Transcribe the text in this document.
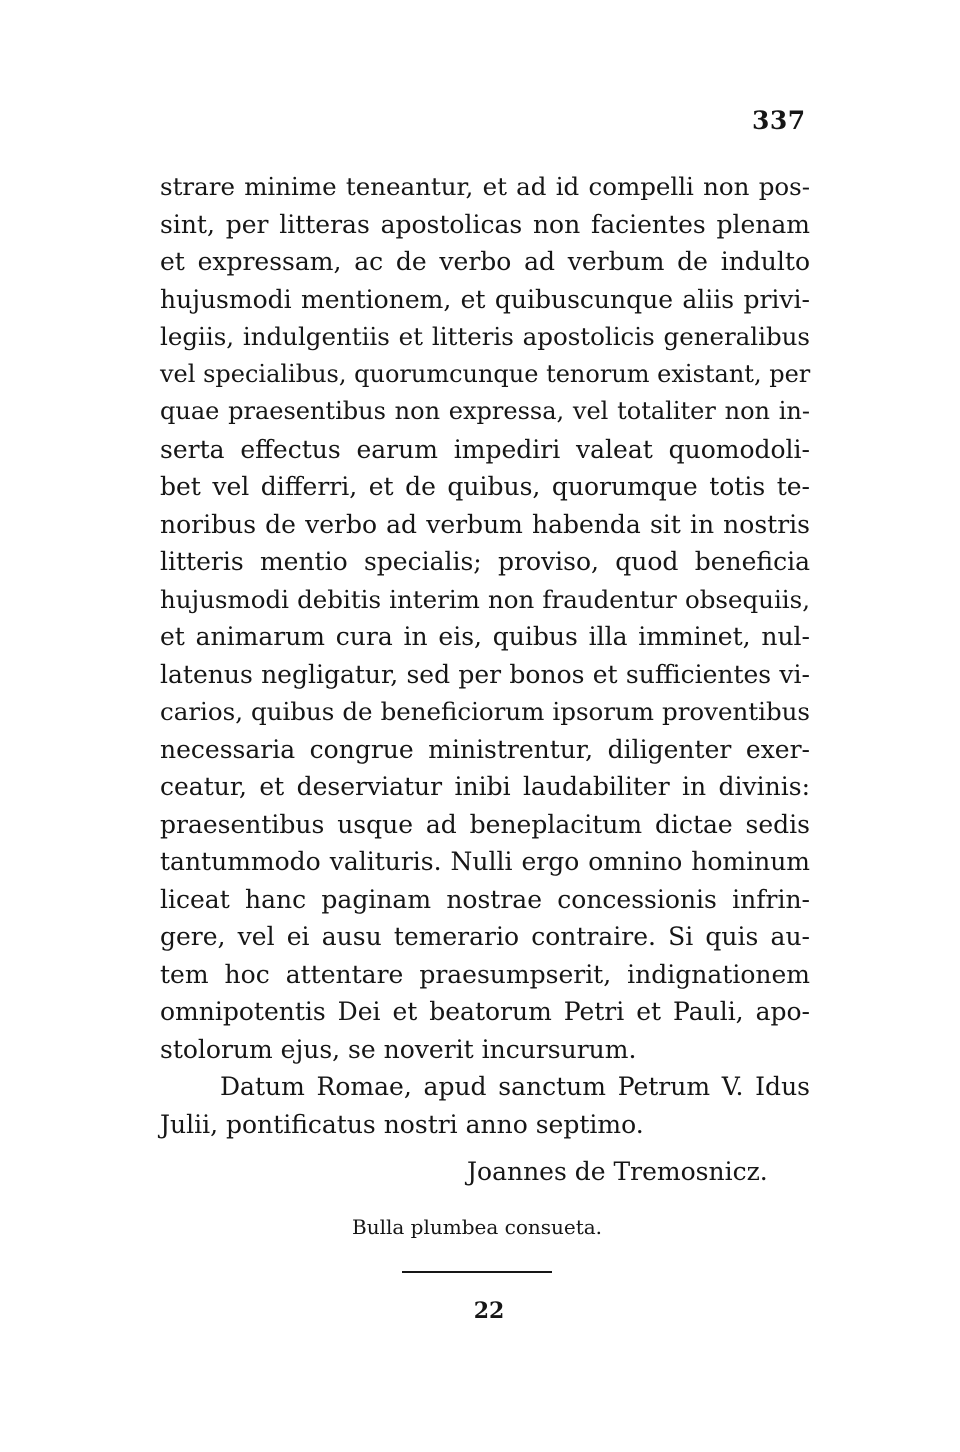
337
strare minime teneantur, et ad id compelli non pos-
sint, per litteras apostolicas non facientes plenam
et expressam, ac de verbo ad verbum de indulto
hujusmodi mentionem, et quibuscunque aliis privi-
legiis, indulgentiis et litteris apostolicis generalibus
vel specialibus, quorumcunque tenorum existant, per
quae praesentibus non expressa, vel totaliter non in-
serta effectus earum impediri valeat quomodoli-
bet vel differri, et de quibus, quorumque totis te-
noribus de verbo ad verbum habenda sit in nostris
litteris mentio specialis; proviso, quod beneficia
hujusmodi debitis interim non fraudentur obsequiis,
et animarum cura in eis, quibus illa imminet, nul-
latenus negligatur, sed per bonos et sufficientes vi-
carios, quibus de beneficiorum ipsorum proventibus
necessaria congrue ministrentur, diligenter exer-
ceatur, et deserviatur inibi laudabiliter in divinis:
praesentibus usque ad beneplacitum dictae sedis
tantummodo valituris. Nulli ergo omnino hominum
liceat hanc paginam nostrae concessionis infrin-
gere, vel ei ausu temerario contraire. Si quis au-
tem hoc attentare praesumpserit, indignationem
omnipotentis Dei et beatorum Petri et Pauli, apo-
stolorum ejus, se noverit incursurum.
Datum Romae, apud sanctum Petrum V. Idus
Julii, pontificatus nostri anno septimo.
Joannes de Tremosnicz.
Bulla plumbea consueta.
22
